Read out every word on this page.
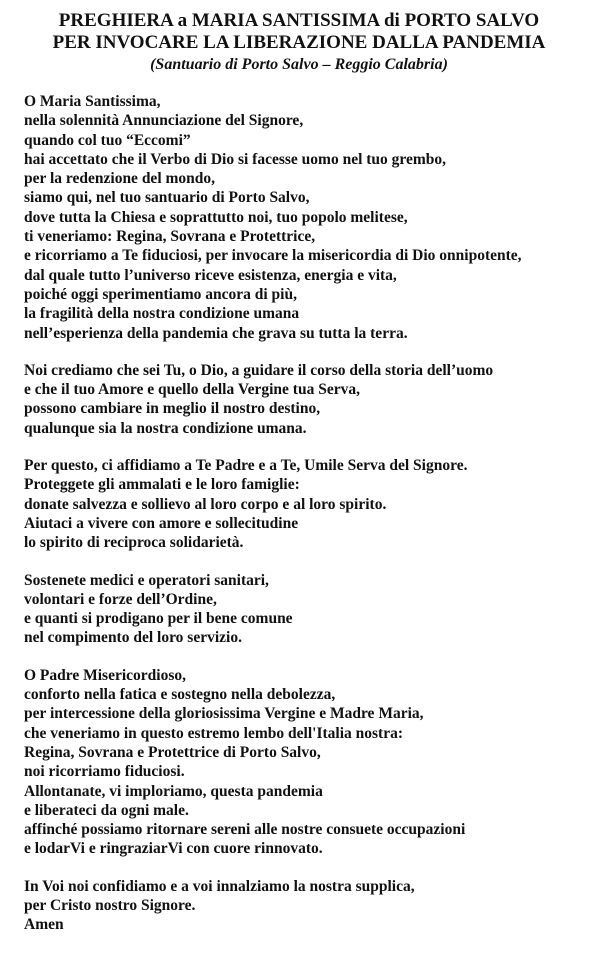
PREGHIERA a MARIA SANTISSIMA di PORTO SALVO
PER INVOCARE LA LIBERAZIONE DALLA PANDEMIA
(Santuario di Porto Salvo – Reggio Calabria)
O Maria Santissima,
nella solennità Annunciazione del Signore,
quando col tuo “Eccomi”
hai accettato che il Verbo di Dio si facesse uomo nel tuo grembo,
per la redenzione del mondo,
siamo qui, nel tuo santuario di Porto Salvo,
dove tutta la Chiesa e soprattutto noi, tuo popolo melitese,
ti veneriamo: Regina, Sovrana e Protettrice,
e ricorriamo a Te fiduciosi, per invocare la misericordia di Dio onnipotente,
dal quale tutto l’universo riceve esistenza, energia e vita,
poiché oggi sperimentiamo ancora di più,
la fragilità della nostra condizione umana
nell’esperienza della pandemia che grava su tutta la terra.
Noi crediamo che sei Tu, o Dio, a guidare il corso della storia dell’uomo
e che il tuo Amore e quello della Vergine tua Serva,
possono cambiare in meglio il nostro destino,
qualunque sia la nostra condizione umana.
Per questo, ci affidiamo a Te Padre e a Te, Umile Serva del Signore.
Proteggete gli ammalati e le loro famiglie:
donate salvezza e sollievo al loro corpo e al loro spirito.
Aiutaci a vivere con amore e sollecitudine
lo spirito di reciproca solidarietà.
Sostenete medici e operatori sanitari,
volontari e forze dell’Ordine,
e quanti si prodigano per il bene comune
nel compimento del loro servizio.
O Padre Misericordioso,
conforto nella fatica e sostegno nella debolezza,
per intercessione della gloriosissima Vergine e Madre Maria,
che veneriamo in questo estremo lembo dell'Italia nostra:
Regina, Sovrana e Protettrice di Porto Salvo,
noi ricorriamo fiduciosi.
Allontanate, vi imploriamo, questa pandemia
e liberateci da ogni male.
affinché possiamo ritornare sereni alle nostre consuete occupazioni
e lodarVi e ringraziarVi con cuore rinnovato.
In Voi noi confidiamo e a voi innalziamo la nostra supplica,
per Cristo nostro Signore.
Amen
